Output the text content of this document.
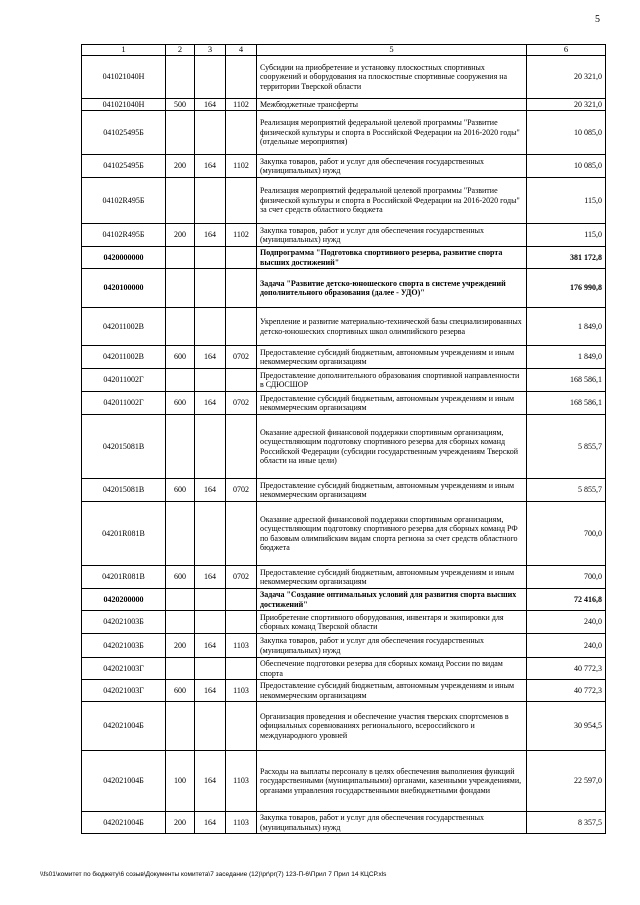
5
1	2	3	4	5	6
041021040Н				Субсидии на приобретение и установку плоскостных спортивных сооружений и оборудования на плоскостные спортивные сооружения на территории Тверской области	20 321,0
041021040Н	500	164	1102	Межбюджетные трансферты	20 321,0
041025495Б				Реализация мероприятий федеральной целевой программы "Развитие физической культуры и спорта в Российской Федерации на 2016-2020 годы" (отдельные мероприятия)	10 085,0
041025495Б	200	164	1102	Закупка товаров, работ и услуг для обеспечения государственных (муниципальных) нужд	10 085,0
04102R495Б				Реализация мероприятий федеральной целевой программы "Развитие физической культуры и спорта в Российской Федерации на 2016-2020 годы" за счет средств областного бюджета	115,0
04102R495Б	200	164	1102	Закупка товаров, работ и услуг для обеспечения государственных (муниципальных) нужд	115,0
0420000000				Подпрограмма "Подготовка спортивного резерва, развитие спорта высших достижений"	381 172,8
0420100000				Задача "Развитие детско-юношеского спорта в системе учреждений дополнительного образования (далее - УДО)"	176 990,8
042011002В				Укрепление и развитие материально-технической базы специализированных детско-юношеских спортивных школ олимпийского резерва	1 849,0
042011002В	600	164	0702	Предоставление субсидий бюджетным, автономным учреждениям и иным некоммерческим организациям	1 849,0
042011002Г				Предоставление дополнительного образования спортивной направленности в СДЮСШОР	168 586,1
042011002Г	600	164	0702	Предоставление субсидий бюджетным, автономным учреждениям и иным некоммерческим организациям	168 586,1
042015081В				Оказание адресной финансовой поддержки спортивным организациям, осуществляющим подготовку спортивного резерва для сборных команд Российской Федерации (субсидии государственным учреждениям Тверской области на иные цели)	5 855,7
042015081В	600	164	0702	Предоставление субсидий бюджетным, автономным учреждениям и иным некоммерческим организациям	5 855,7
04201R081В				Оказание адресной финансовой поддержки спортивным организациям, осуществляющим подготовку спортивного резерва для сборных команд РФ по базовым олимпийским видам спорта региона за счет средств областного бюджета	700,0
04201R081В	600	164	0702	Предоставление субсидий бюджетным, автономным учреждениям и иным некоммерческим организациям	700,0
0420200000				Задача "Создание оптимальных условий для развития спорта высших достижений"	72 416,8
042021003Б				Приобретение спортивного оборудования, инвентаря и экипировки для сборных команд Тверской области	240,0
042021003Б	200	164	1103	Закупка товаров, работ и услуг для обеспечения государственных (муниципальных) нужд	240,0
042021003Г				Обеспечение подготовки резерва для сборных команд России по видам спорта	40 772,3
042021003Г	600	164	1103	Предоставление субсидий бюджетным, автономным учреждениям и иным некоммерческим организациям	40 772,3
042021004Б				Организация проведения и обеспечение участия тверских спортсменов в официальных соревнованиях регионального, всероссийского и международного уровней	30 954,5
042021004Б	100	164	1103	Расходы на выплаты персоналу в целях обеспечения выполнения функций государственными (муниципальными) органами, казенными учреждениями, органами управления государственными внебюджетными фондами	22 597,0
042021004Б	200	164	1103	Закупка товаров, работ и услуг для обеспечения государственных (муниципальных) нужд	8 357,5
\\fs01\комитет по бюджету\6 созыв\Документы комитета\7 заседание (12)\pr\pr(7) 123-П-6\Прил 7 Прил 14 КЦСР.xls
